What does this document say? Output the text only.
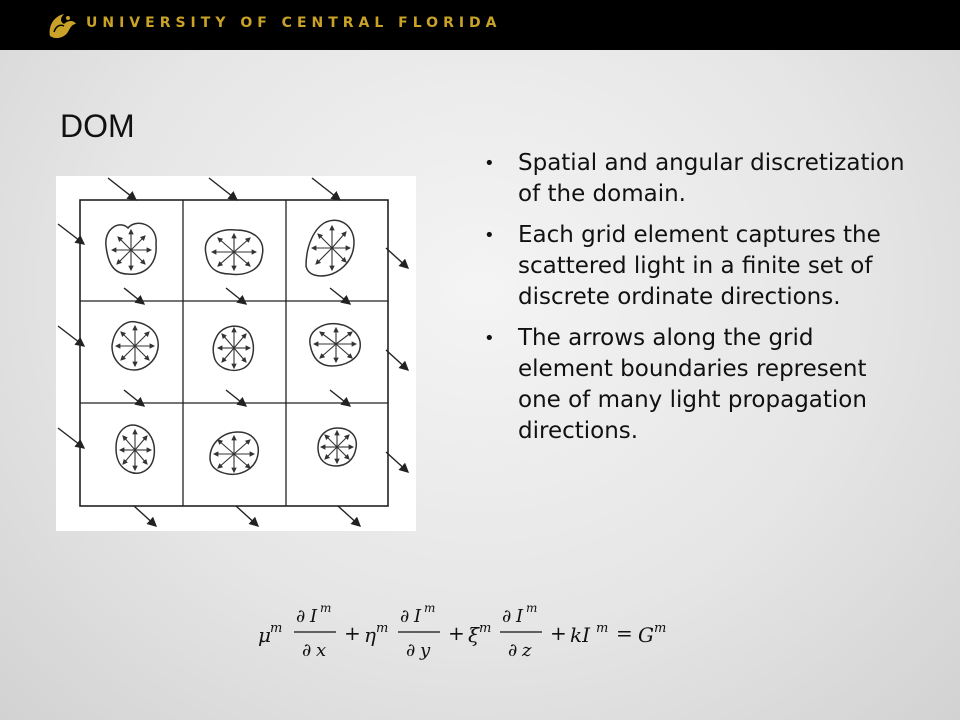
UNIVERSITY OF CENTRAL FLORIDA
DOM
• Spatial and angular discretization of the domain.
• Each grid element captures the scattered light in a finite set of discrete ordinate directions.
• The arrows along the grid element boundaries represent one of many light propagation directions.
μ m
∂ I m
∂ x
+ η m
∂ I m
∂ y
+ ξ m
∂ I m
∂ z
+ kI m = G m
